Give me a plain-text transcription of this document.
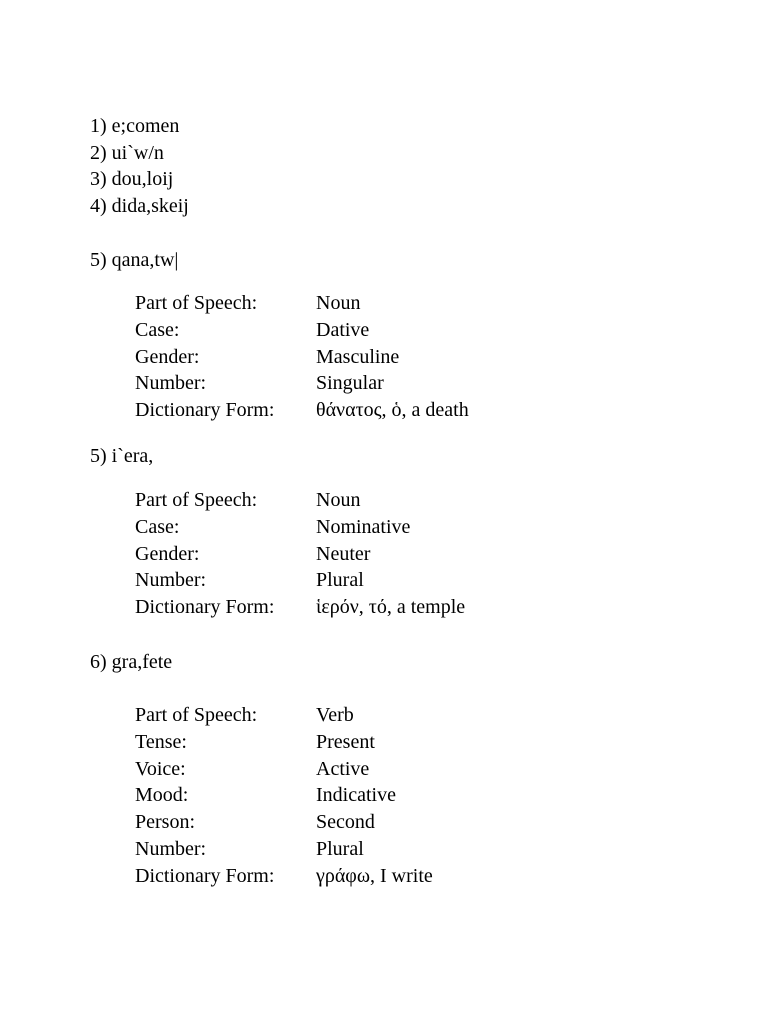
1) e;comen
2) ui`w/n
3) dou,loij
4) dida,skeij
5) qana,tw|
Part of Speech:	Noun
Case:	Dative
Gender:	Masculine
Number:	Singular
Dictionary Form: θάνατος, ὁ, a death
5) i`era,
Part of Speech:	Noun
Case:	Nominative
Gender:	Neuter
Number:	Plural
Dictionary Form: ἱερόν, τό, a temple
6) gra,fete
Part of Speech:	Verb
Tense:	Present
Voice:	Active
Mood:	Indicative
Person:	Second
Number:	Plural
Dictionary Form: γράφω, I write
